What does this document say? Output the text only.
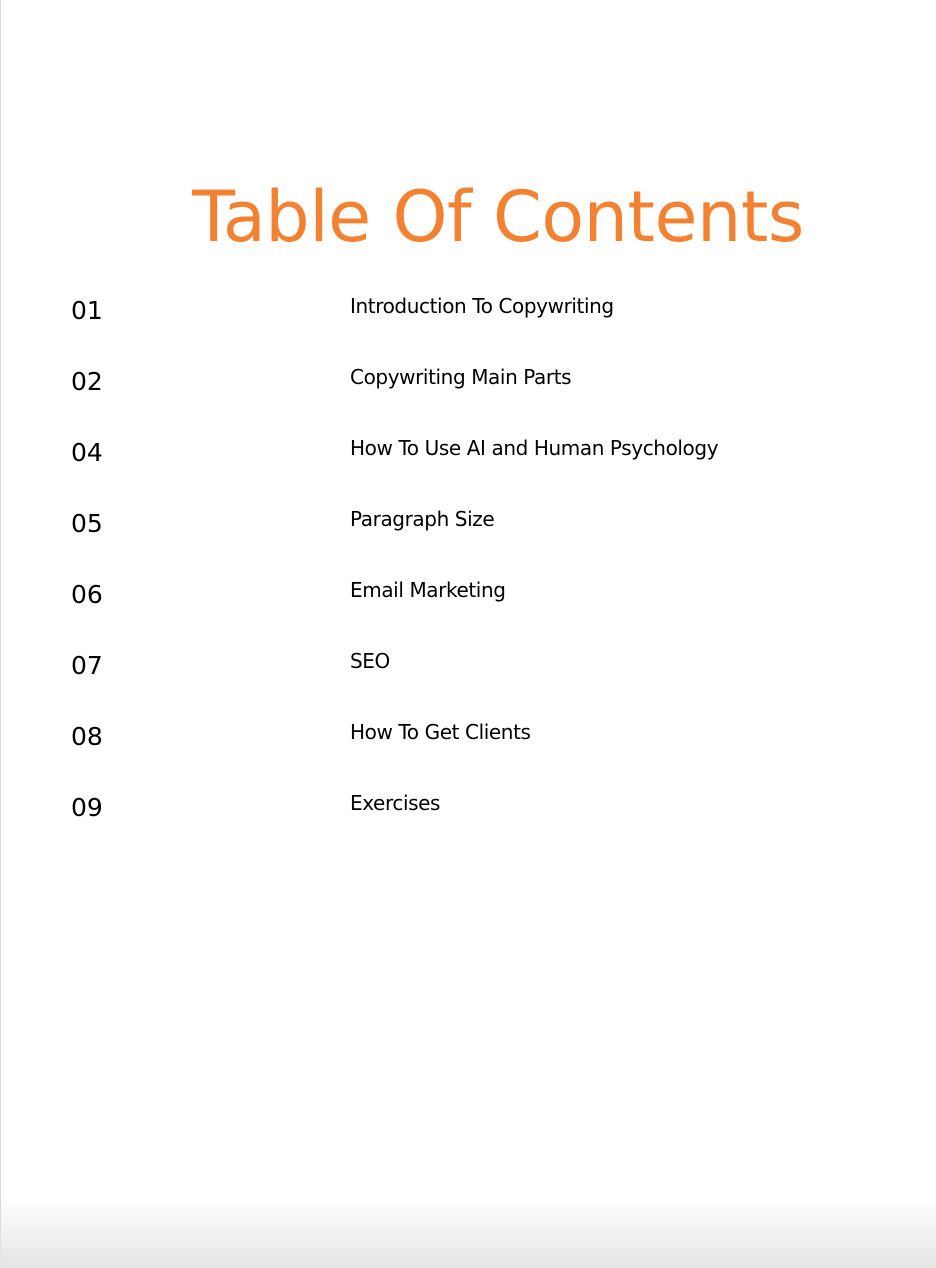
Table Of Contents
01	Introduction To Copywriting
02	Copywriting Main Parts
04	How To Use AI and Human Psychology
05	Paragraph Size
06	Email Marketing
07	SEO
08	How To Get Clients
09	Exercises
